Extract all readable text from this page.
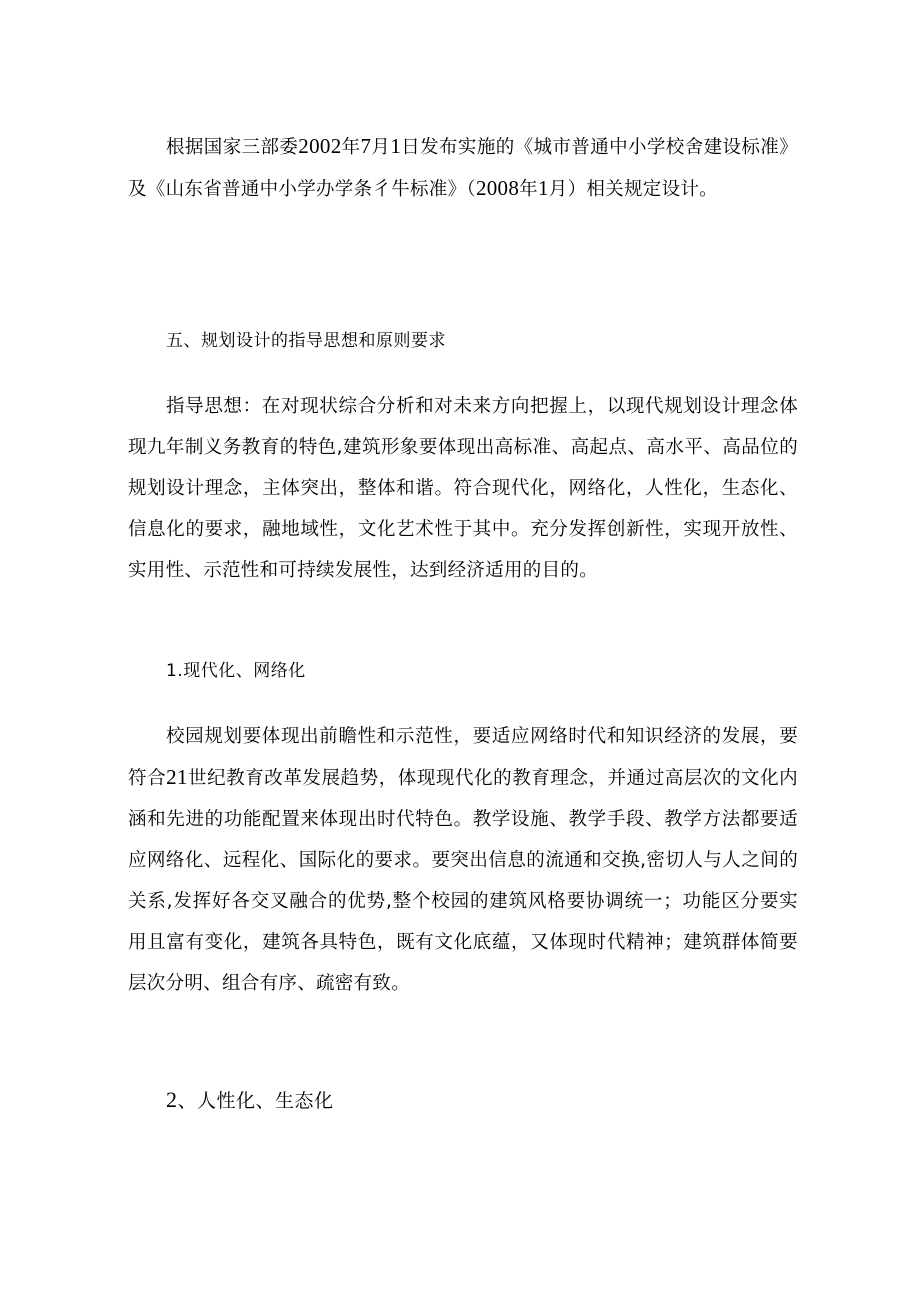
根据国家三部委2002年7月1日发布实施的《城市普通中小学校舍建设标准》及《山东省普通中小学办学条彳牛标准》（2008年1月）相关规定设计。

五、规划设计的指导思想和原则要求

指导思想：在对现状综合分析和对未来方向把握上，以现代规划设计理念体现九年制义务教育的特色,建筑形象要体现出高标准、高起点、高水平、高品位的规划设计理念，主体突出，整体和谐。符合现代化，网络化，人性化，生态化、信息化的要求，融地域性，文化艺术性于其中。充分发挥创新性，实现开放性、实用性、示范性和可持续发展性，达到经济适用的目的。

1.现代化、网络化

校园规划要体现出前瞻性和示范性，要适应网络时代和知识经济的发展，要符合21世纪教育改革发展趋势，体现现代化的教育理念，并通过高层次的文化内涵和先进的功能配置来体现出时代特色。教学设施、教学手段、教学方法都要适应网络化、远程化、国际化的要求。要突出信息的流通和交换,密切人与人之间的关系,发挥好各交叉融合的优势,整个校园的建筑风格要协调统一；功能区分要实用且富有变化，建筑各具特色，既有文化底蕴，又体现时代精神；建筑群体简要层次分明、组合有序、疏密有致。

2、人性化、生态化
